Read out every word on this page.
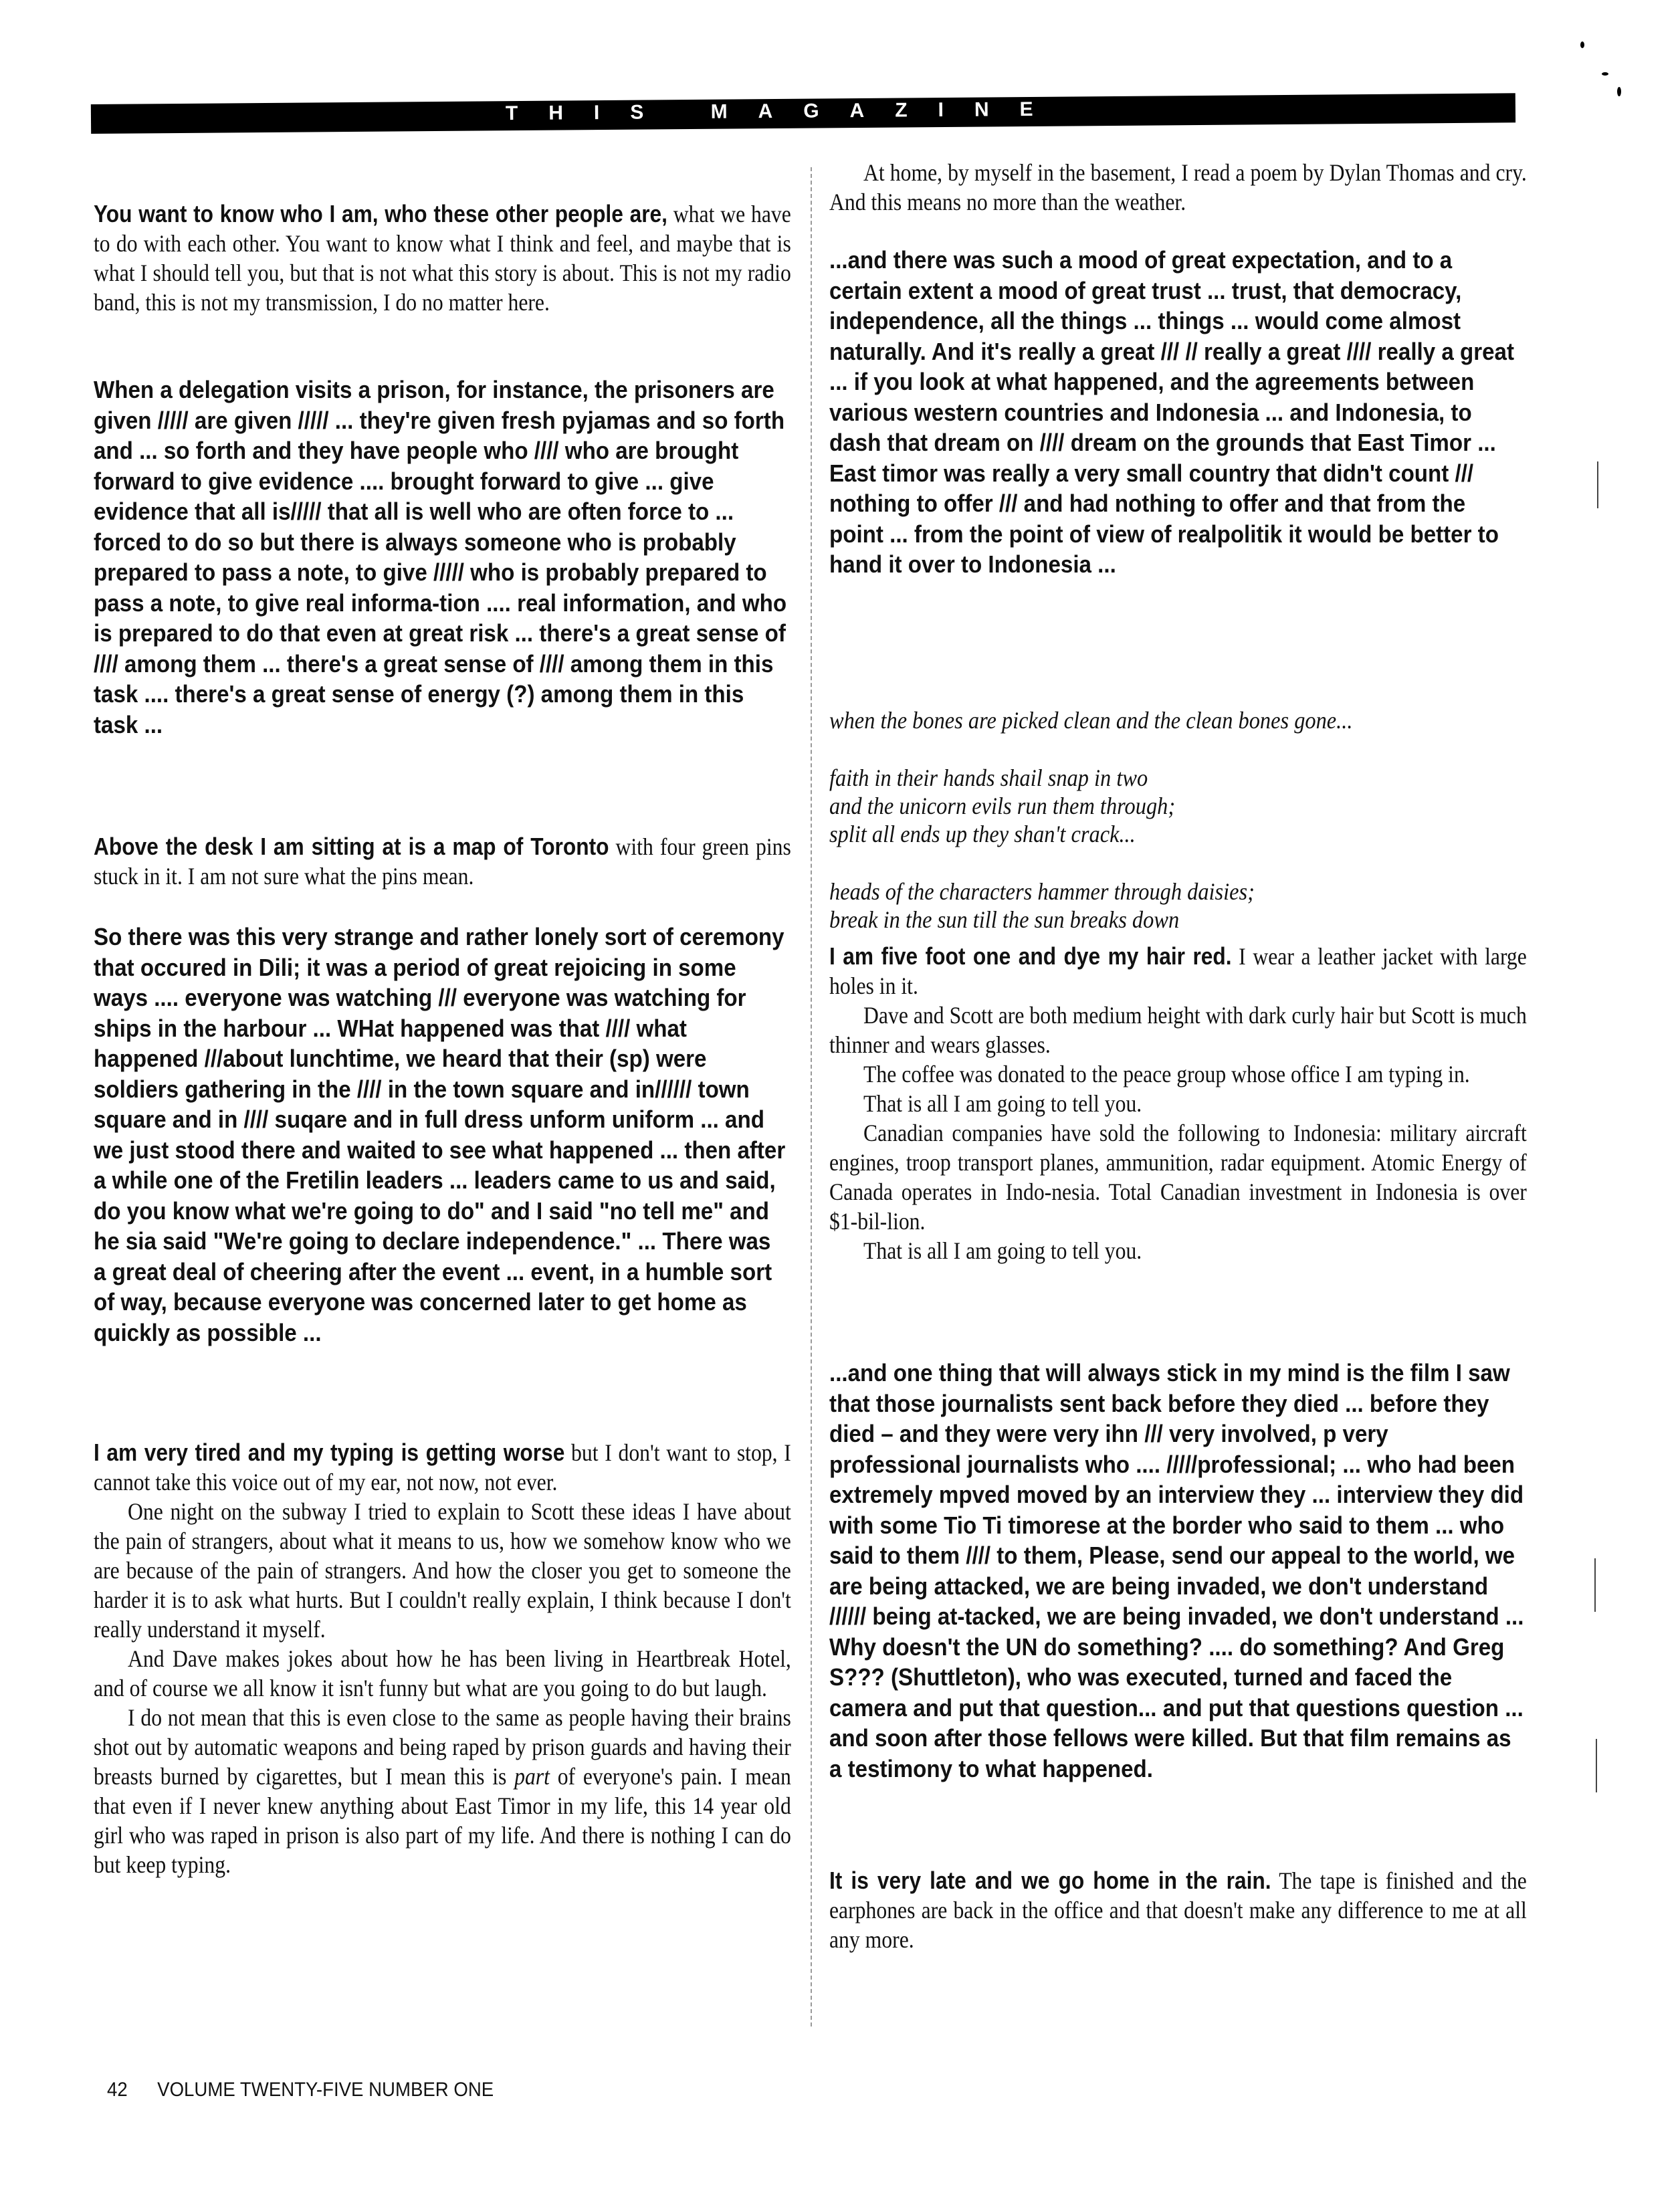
THIS MAGAZINE

You want to know who I am, who these other people are, what we have to do with each other. You want to know what I think and feel, and maybe that is what I should tell you, but that is not what this story is about. This is not my radio band, this is not my transmission, I do no matter here.

When a delegation visits a prison, for instance, the prisoners are given ///// are given ///// ... they're given fresh pyjamas and so forth and ... so forth and they have people who //// who are brought forward to give evidence .... brought forward to give ... give evidence that all is///// that all is well who are often force to ... forced to do so but there is always someone who is probably prepared to pass a note, to give ///// who is probably prepared to pass a note, to give real informa-tion .... real information, and who is prepared to do that even at great risk ... there's a great sense of //// among them ... there's a great sense of //// among them in this task .... there's a great sense of energy (?) among them in this task ...

Above the desk I am sitting at is a map of Toronto with four green pins stuck in it. I am not sure what the pins mean.

So there was this very strange and rather lonely sort of ceremony that occured in Dili; it was a period of great rejoicing in some ways .... everyone was watching /// everyone was watching for ships in the harbour ... WHat happened was that //// what happened ///about lunchtime, we heard that their (sp) were soldiers gathering in the //// in the town square and in////// town square and in //// suqare and in full dress unform uniform ... and we just stood there and waited to see what happened ... then after a while one of the Fretilin leaders ... leaders came to us and said, do you know what we're going to do" and I said "no tell me" and he sia said "We're going to declare independence." ... There was a great deal of cheering after the event ... event, in a humble sort of way, because everyone was concerned later to get home as quickly as possible ...

I am very tired and my typing is getting worse but I don't want to stop, I cannot take this voice out of my ear, not now, not ever.

One night on the subway I tried to explain to Scott these ideas I have about the pain of strangers, about what it means to us, how we somehow know who we are because of the pain of strangers. And how the closer you get to someone the harder it is to ask what hurts. But I couldn't really explain, I think because I don't really understand it myself.

And Dave makes jokes about how he has been living in Heartbreak Hotel, and of course we all know it isn't funny but what are you going to do but laugh.

I do not mean that this is even close to the same as people having their brains shot out by automatic weapons and being raped by prison guards and having their breasts burned by cigarettes, but I mean this is part of everyone's pain. I mean that even if I never knew anything about East Timor in my life, this 14 year old girl who was raped in prison is also part of my life. And there is nothing I can do but keep typing.

At home, by myself in the basement, I read a poem by Dylan Thomas and cry. And this means no more than the weather.

...and there was such a mood of great expectation, and to a certain extent a mood of great trust ... trust, that democracy, independence, all the things ... things ... would come almost naturally. And it's really a great /// // really a great //// really a great ... if you look at what happened, and the agreements between various western countries and Indonesia ... and Indonesia, to dash that dream on //// dream on the grounds that East Timor ... East timor was really a very small country that didn't count /// nothing to offer /// and had nothing to offer and that from the point ... from the point of view of realpolitik it would be better to hand it over to Indonesia ...
when the bones are picked clean and the clean bones gone...
faith in their hands shail snap in two
and the unicorn evils run them through;
split all ends up they shan't crack...
heads of the characters hammer through daisies;
break in the sun till the sun breaks down

I am five foot one and dye my hair red. I wear a leather jacket with large holes in it.

Dave and Scott are both medium height with dark curly hair but Scott is much thinner and wears glasses.

The coffee was donated to the peace group whose office I am typing in.

That is all I am going to tell you.

Canadian companies have sold the following to Indonesia: military aircraft engines, troop transport planes, ammunition, radar equipment. Atomic Energy of Canada operates in Indo-nesia. Total Canadian investment in Indonesia is over $1-bil-lion.

That is all I am going to tell you.

...and one thing that will always stick in my mind is the film I saw that those journalists sent back before they died ... before they died – and they were very ihn /// very involved, p very professional journalists who .... /////professional; ... who had been extremely mpved moved by an interview they ... interview they did with some Tio Ti timorese at the border who said to them ... who said to them //// to them, Please, send our appeal to the world, we are being attacked, we are being invaded, we don't understand ////// being at-tacked, we are being invaded, we don't understand ... Why doesn't the UN do something? .... do something? And Greg S??? (Shuttleton), who was executed, turned and faced the camera and put that question... and put that questions question ... and soon after those fellows were killed. But that film remains as a testimony to what happened.

It is very late and we go home in the rain. The tape is finished and the earphones are back in the office and that doesn't make any difference to me at all any more.

42 VOLUME TWENTY-FIVE NUMBER ONE
